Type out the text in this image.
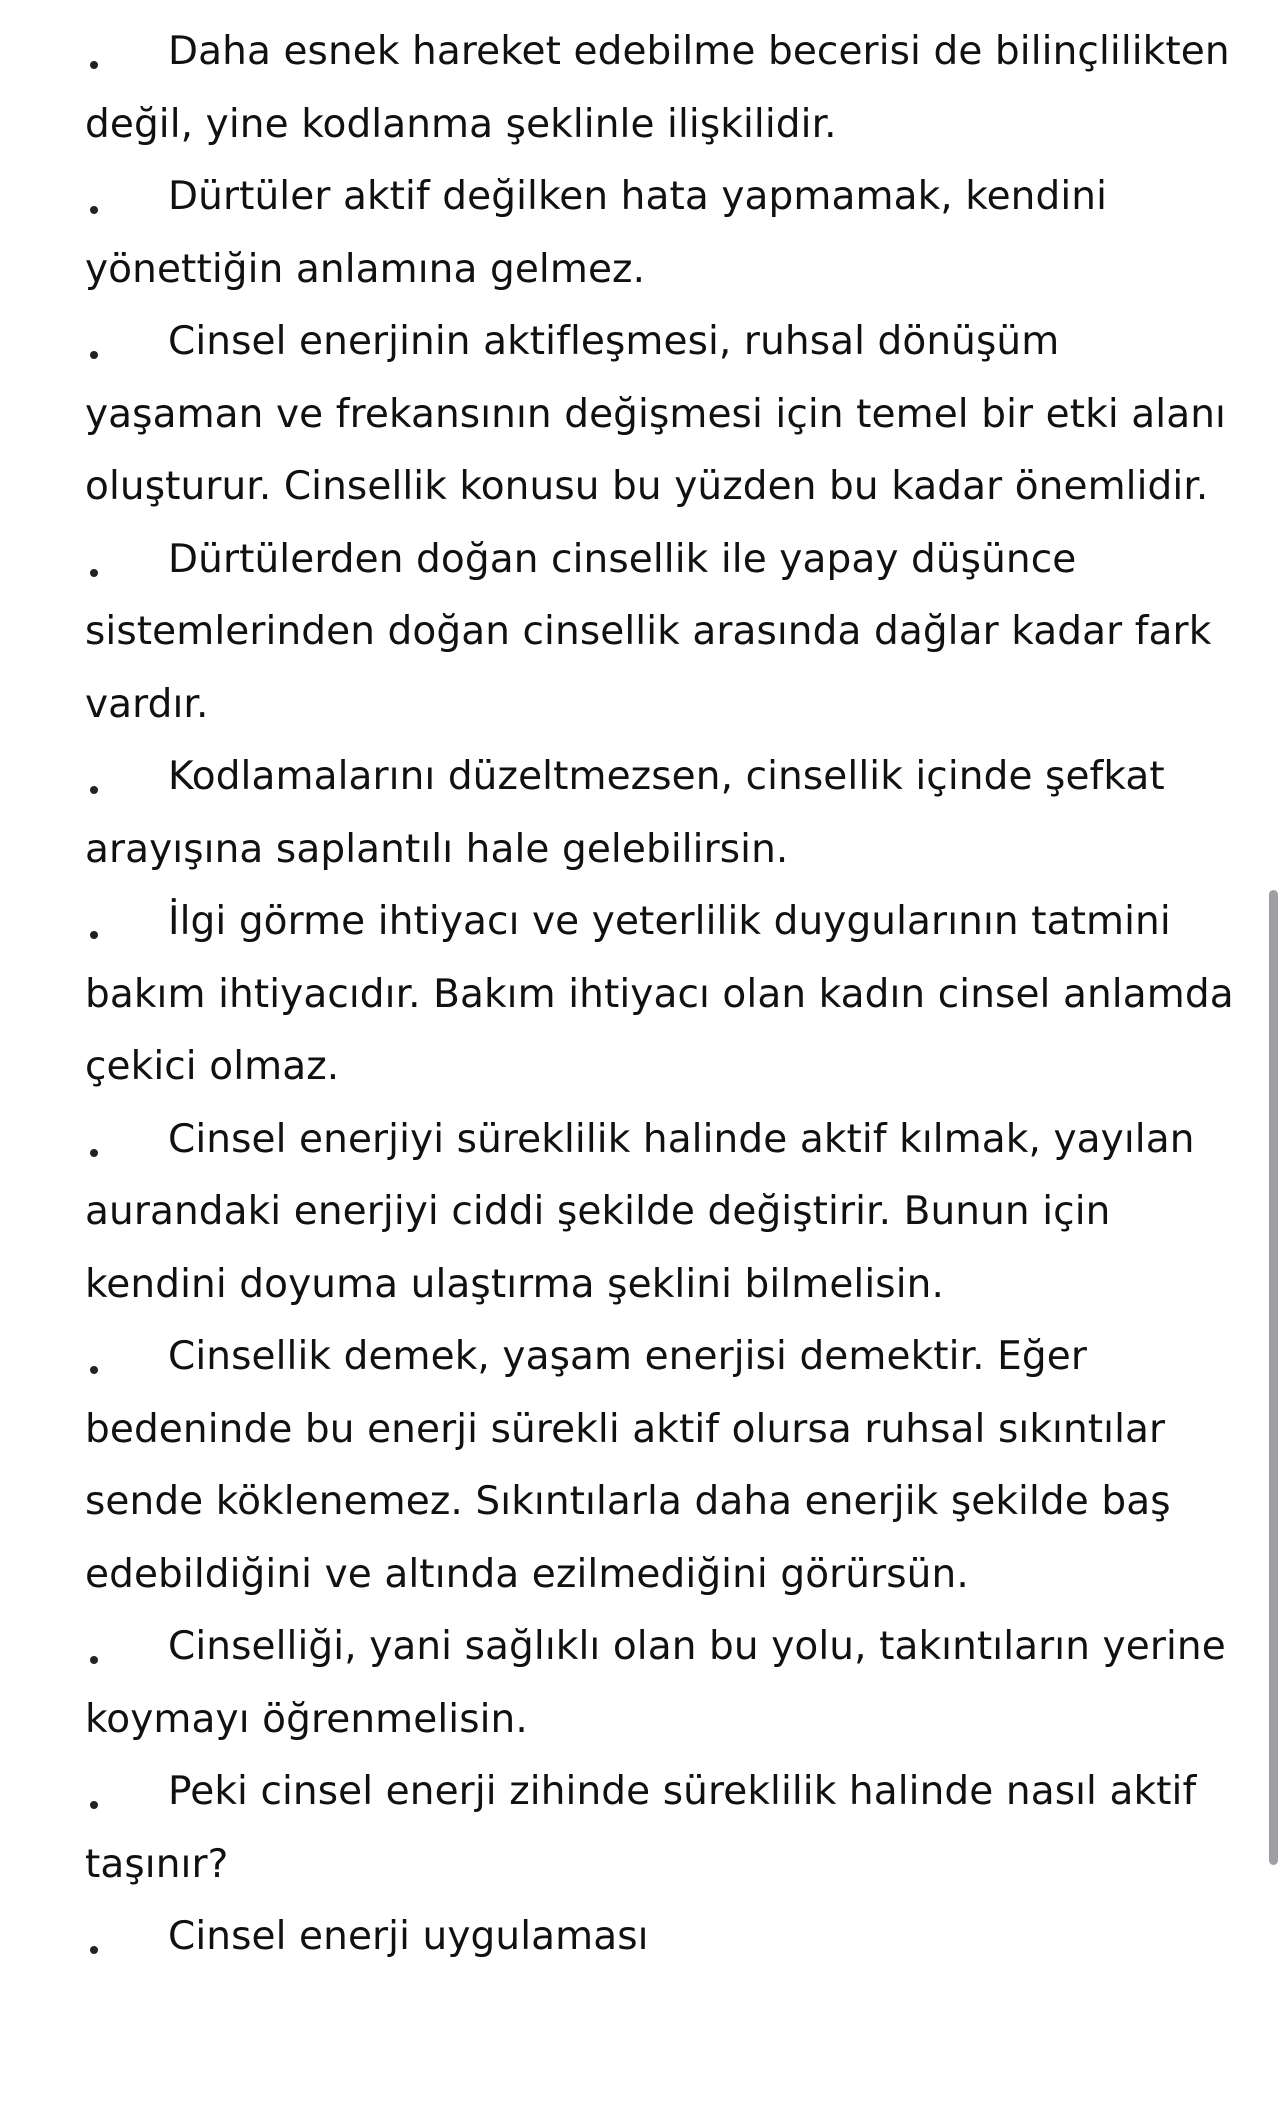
Daha esnek hareket edebilme becerisi de bilinçlilikten değil, yine kodlanma şeklinle ilişkilidir.
Dürtüler aktif değilken hata yapmamak, kendini yönettiğin anlamına gelmez.
Cinsel enerjinin aktifleşmesi, ruhsal dönüşüm yaşaman ve frekansının değişmesi için temel bir etki alanı oluşturur. Cinsellik konusu bu yüzden bu kadar önemlidir.
Dürtülerden doğan cinsellik ile yapay düşünce sistemlerinden doğan cinsellik arasında dağlar kadar fark vardır.
Kodlamalarını düzeltmezsen, cinsellik içinde şefkat arayışına saplantılı hale gelebilirsin.
İlgi görme ihtiyacı ve yeterlilik duygularının tatmini bakım ihtiyacıdır. Bakım ihtiyacı olan kadın cinsel anlamda çekici olmaz.
Cinsel enerjiyi süreklilik halinde aktif kılmak, yayılan aurandaki enerjiyi ciddi şekilde değiştirir. Bunun için kendini doyuma ulaştırma şeklini bilmelisin.
Cinsellik demek, yaşam enerjisi demektir. Eğer bedeninde bu enerji sürekli aktif olursa ruhsal sıkıntılar sende köklenemez. Sıkıntılarla daha enerjik şekilde baş edebildiğini ve altında ezilmediğini görürsün.
Cinselliği, yani sağlıklı olan bu yolu, takıntıların yerine koymayı öğrenmelisin.
Peki cinsel enerji zihinde süreklilik halinde nasıl aktif taşınır?
Cinsel enerji uygulaması
